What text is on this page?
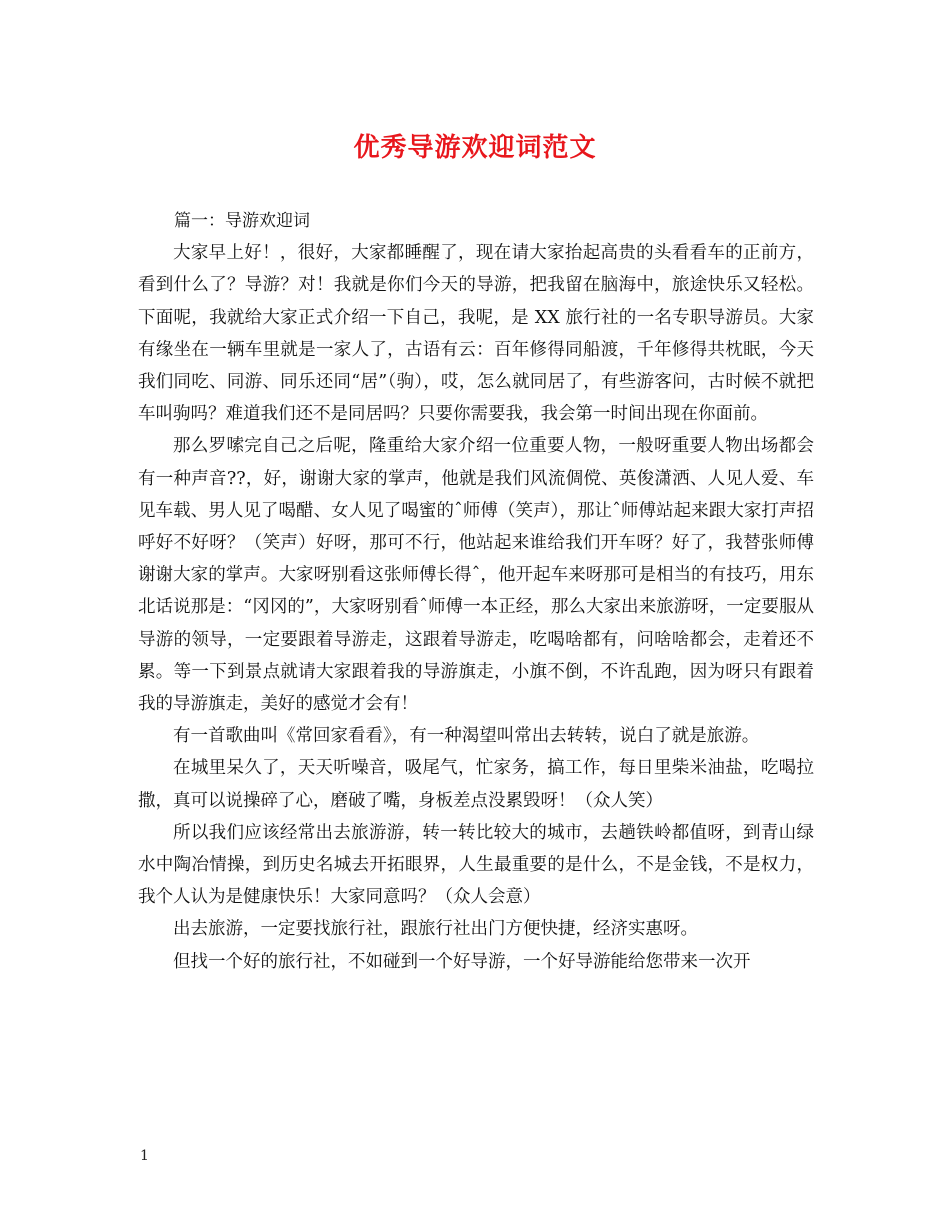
优秀导游欢迎词范文

篇一：导游欢迎词

大家早上好！，很好，大家都睡醒了，现在请大家抬起高贵的头看看车的正前方，看到什么了？导游？对！我就是你们今天的导游，把我留在脑海中，旅途快乐又轻松。 下面呢，我就给大家正式介绍一下自己，我呢，是 XX 旅行社的一名专职导游员。大家有缘坐在一辆车里就是一家人了，古语有云：百年修得同船渡，千年修得共枕眠，今天我们同吃、同游、同乐还同“居”（驹），哎，怎么就同居了，有些游客问，古时候不就把车叫驹吗？难道我们还不是同居吗？只要你需要我，我会第一时间出现在你面前。

那么罗嗦完自己之后呢，隆重给大家介绍一位重要人物，一般呀重要人物出场都会有一种声音??，好，谢谢大家的掌声，他就是我们风流倜傥、英俊潇洒、人见人爱、车见车载、男人见了喝醋、女人见了喝蜜的ˆ师傅（笑声），那让ˆ师傅站起来跟大家打声招呼好不好呀？（笑声）好呀，那可不行，他站起来谁给我们开车呀？好了，我替张师傅谢谢大家的掌声。大家呀别看这张师傅长得ˆ，他开起车来呀那可是相当的有技巧，用东北话说那是：“冈冈的”，大家呀别看ˆ师傅一本正经，那么大家出来旅游呀，一定要服从导游的领导，一定要跟着导游走，这跟着导游走，吃喝啥都有，问啥啥都会，走着还不累。等一下到景点就请大家跟着我的导游旗走，小旗不倒，不许乱跑，因为呀只有跟着我的导游旗走，美好的感觉才会有！

有一首歌曲叫《常回家看看》，有一种渴望叫常出去转转，说白了就是旅游。

在城里呆久了，天天听噪音，吸尾气，忙家务，搞工作，每日里柴米油盐，吃喝拉撒，真可以说操碎了心，磨破了嘴，身板差点没累毁呀！（众人笑）

所以我们应该经常出去旅游游，转一转比较大的城市，去趟铁岭都值呀，到青山绿水中陶冶情操，到历史名城去开拓眼界，人生最重要的是什么，不是金钱，不是权力，我个人认为是健康快乐！大家同意吗？（众人会意）

出去旅游，一定要找旅行社，跟旅行社出门方便快捷，经济实惠呀。

但找一个好的旅行社，不如碰到一个好导游，一个好导游能给您带来一次开

1
